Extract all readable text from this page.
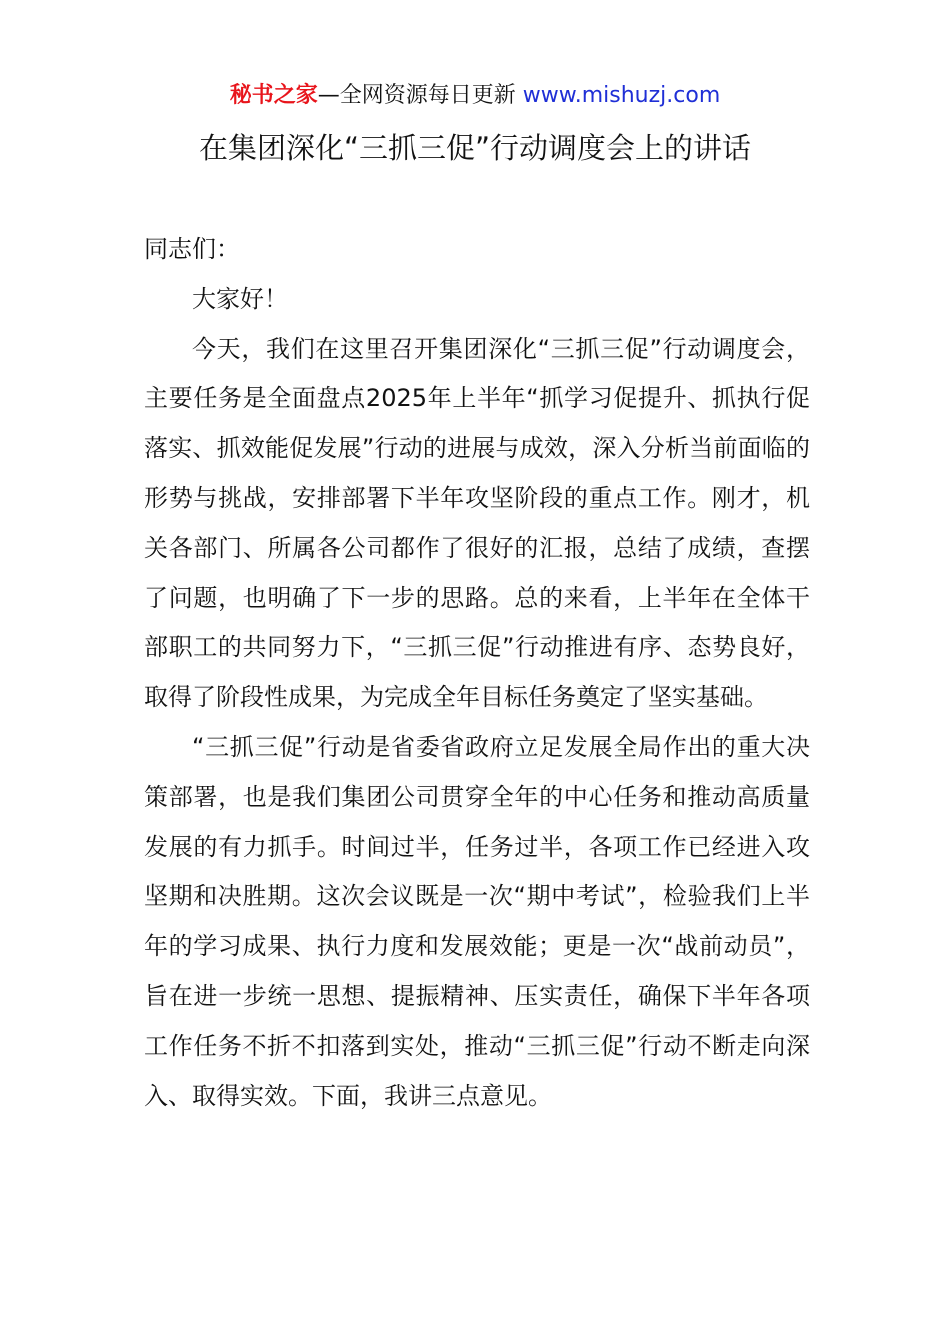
秘书之家—全网资源每日更新 www.mishuzj.com
在集团深化“三抓三促”行动调度会上的讲话

同志们：

大家好！

今天，我们在这里召开集团深化“三抓三促”行动调度会，主要任务是全面盘点2025年上半年“抓学习促提升、抓执行促落实、抓效能促发展”行动的进展与成效，深入分析当前面临的形势与挑战，安排部署下半年攻坚阶段的重点工作。刚才，机关各部门、所属各公司都作了很好的汇报，总结了成绩，查摆了问题，也明确了下一步的思路。总的来看，上半年在全体干部职工的共同努力下，“三抓三促”行动推进有序、态势良好，取得了阶段性成果，为完成全年目标任务奠定了坚实基础。

“三抓三促”行动是省委省政府立足发展全局作出的重大决策部署，也是我们集团公司贯穿全年的中心任务和推动高质量发展的有力抓手。时间过半，任务过半，各项工作已经进入攻坚期和决胜期。这次会议既是一次“期中考试”，检验我们上半年的学习成果、执行力度和发展效能；更是一次“战前动员”，旨在进一步统一思想、提振精神、压实责任，确保下半年各项工作任务不折不扣落到实处，推动“三抓三促”行动不断走向深入、取得实效。下面，我讲三点意见。
